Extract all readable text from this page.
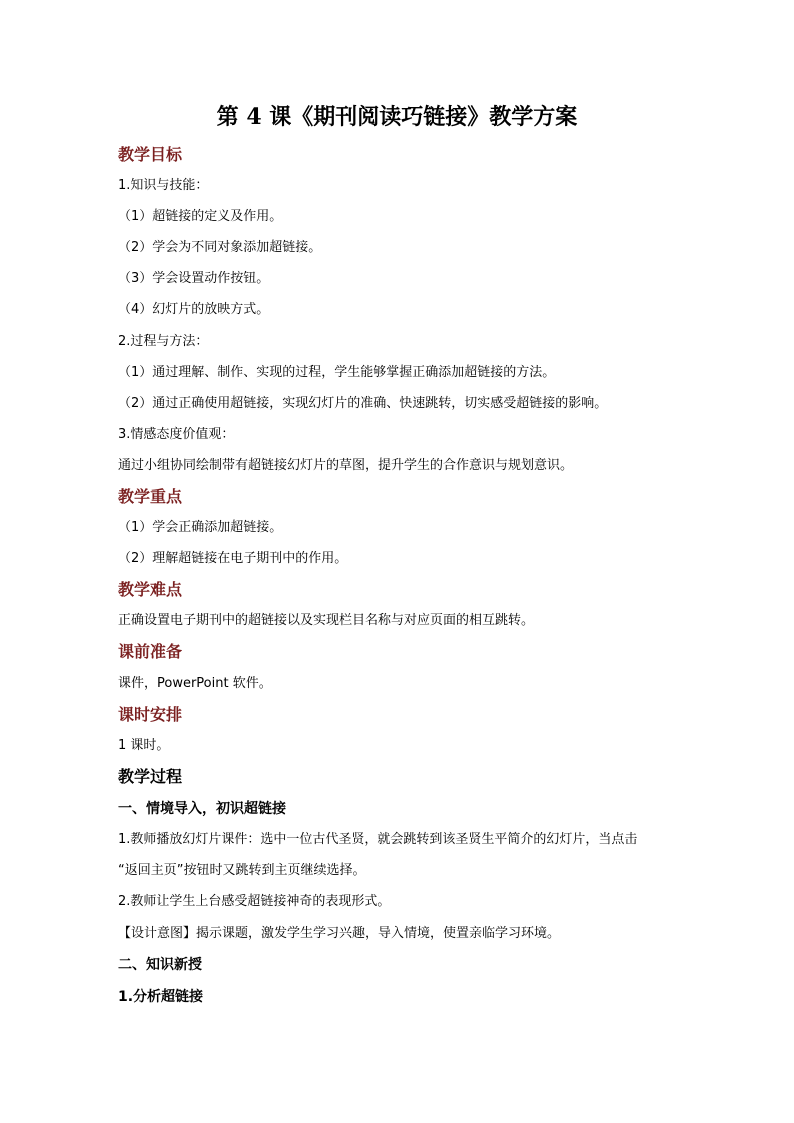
第 4 课《期刊阅读巧链接》教学方案
教学目标
1.知识与技能：
（1）超链接的定义及作用。
（2）学会为不同对象添加超链接。
（3）学会设置动作按钮。
（4）幻灯片的放映方式。
2.过程与方法：
（1）通过理解、制作、实现的过程，学生能够掌握正确添加超链接的方法。
（2）通过正确使用超链接，实现幻灯片的准确、快速跳转，切实感受超链接的影响。
3.情感态度价值观：
通过小组协同绘制带有超链接幻灯片的草图，提升学生的合作意识与规划意识。
教学重点
（1）学会正确添加超链接。
（2）理解超链接在电子期刊中的作用。
教学难点
正确设置电子期刊中的超链接以及实现栏目名称与对应页面的相互跳转。
课前准备
课件，PowerPoint 软件。
课时安排
1 课时。
教学过程
一、情境导入，初识超链接
1.教师播放幻灯片课件：选中一位古代圣贤，就会跳转到该圣贤生平简介的幻灯片，当点击
“返回主页”按钮时又跳转到主页继续选择。
2.教师让学生上台感受超链接神奇的表现形式。
【设计意图】揭示课题，激发学生学习兴趣，导入情境，使置亲临学习环境。
二、知识新授
1.分析超链接
